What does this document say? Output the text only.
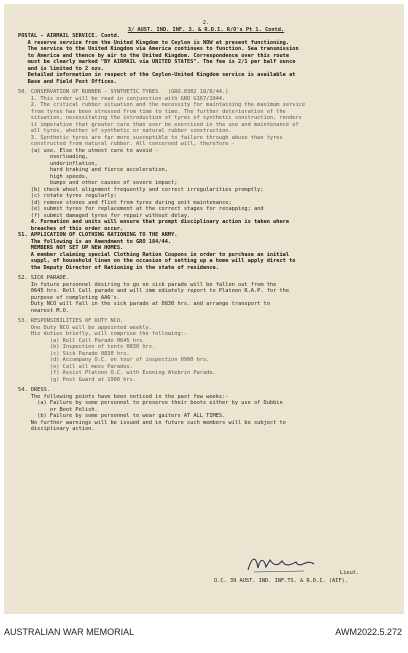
2.
3/ AUST. IND. INF. 3. & R.D.I. R/O's Pt 1. Contd.
POSTAL - AIRMAIL SERVICE. Contd.
A reserve service from the United Kingdom to Ceylon is NOW at present functioning.
The service to the United Kingdom via America continues to function. Sea transmission
to America and thence by air to the United Kingdom. Correspondence over this route
must be clearly marked "BY AIRMAIL via UNITED STATES". The fee is 2/1 per half ounce
and is limited to 2 ozs.
Detailed information in respect of the Ceylon-United Kingdom service is available at
Base and Field Post Offices.
50. CONSERVATION OF RUBBER - SYNTHETIC TYRES.  (GRO.0302 18/8/44.)
1. This order will be read in conjunction with GRO G167/1944.
2. The critical rubber situation and the necessity for maintaining the maximum service
from tyres has been stressed from time to time. The further deterioration of the
situation, necessitating the introduction of tyres of synthetic construction, renders
it imperative that greater care than ever be exercised in the use and maintenance of
all tyres, whether of synthetic or natural rubber construction.
3. Synthetic tyres are far more susceptible to failure through abuse than tyres
constructed from natural rubber. All concerned will, therefore -
(a) use. Else the utmost care to avoid -
overloading,
underinflation,
hard braking and fierce acceleration,
high speeds,
bumps and other causes of severe impact;
(b) check wheel alignment frequently and correct irregularities promptly;
(c) rotate tyres regularly;
(d) remove stones and flint from tyres during unit maintenance;
(e) submit tyres for replacement at the correct stages for recapping; and
(f) submit damaged tyres for repair without delay.
4. Formation and units will ensure that prompt disciplinary action is taken where
breaches of this order occur.
51. APPLICATION OF CLOTHING RATIONING TO THE ARMY.
The following is an Amendment to GRO 184/44.
MEMBERS NOT SET UP NEW HOMES.
A member claiming special Clothing Ration Coupons in order to purchase an initial
suppl, of household linen on the occasion of setting up a home will apply direct to
the Deputy Director of Rationing in the state of residence.
52. SICK PARADE.
In future personnel desiring to go on sick parade will be fallen out from the
0645 hrs. Roll Call parade and will imm ediately report to Platoon R.A.P. for the
purpose of completing AA6's.
Duty NCO will fall in the sick parade at 0830 hrs. and arrange transport to
nearest M.O.
53. RESPONSIBILITIES OF DUTY NCO.
One Duty NCO will be appointed weekly.
His duties briefly, will comprise the following:-
(a) Roll Call Parade 0645 hrs.
(b) Inspection of tents 0830 hrs.
(c) Sick Parade 0830 hrs.
(d) Accompany O.C. on tour of inspection 0900 hrs.
(e) Call all mess Parades.
(f) Assist Platoon O.C. with Evening Atebrin Parade.
(g) Post Guard at 1900 hrs.
54. DRESS.
The following points have been noticed in the past few weeks:-
(a) Failure by some personnel to preserve their boots either by use of Dubbin
or Boot Polish.
(b) Failure by some personnel to wear gaiters AT ALL TIMES.
No further warnings will be issued and in future such members will be subject to
disciplinary action.
Lieut.
O.C. 39 AUST. IND. INF.TS. & R.D.I. (AIF).
AUSTRALIAN WAR MEMORIAL	AWM2022.5.272
